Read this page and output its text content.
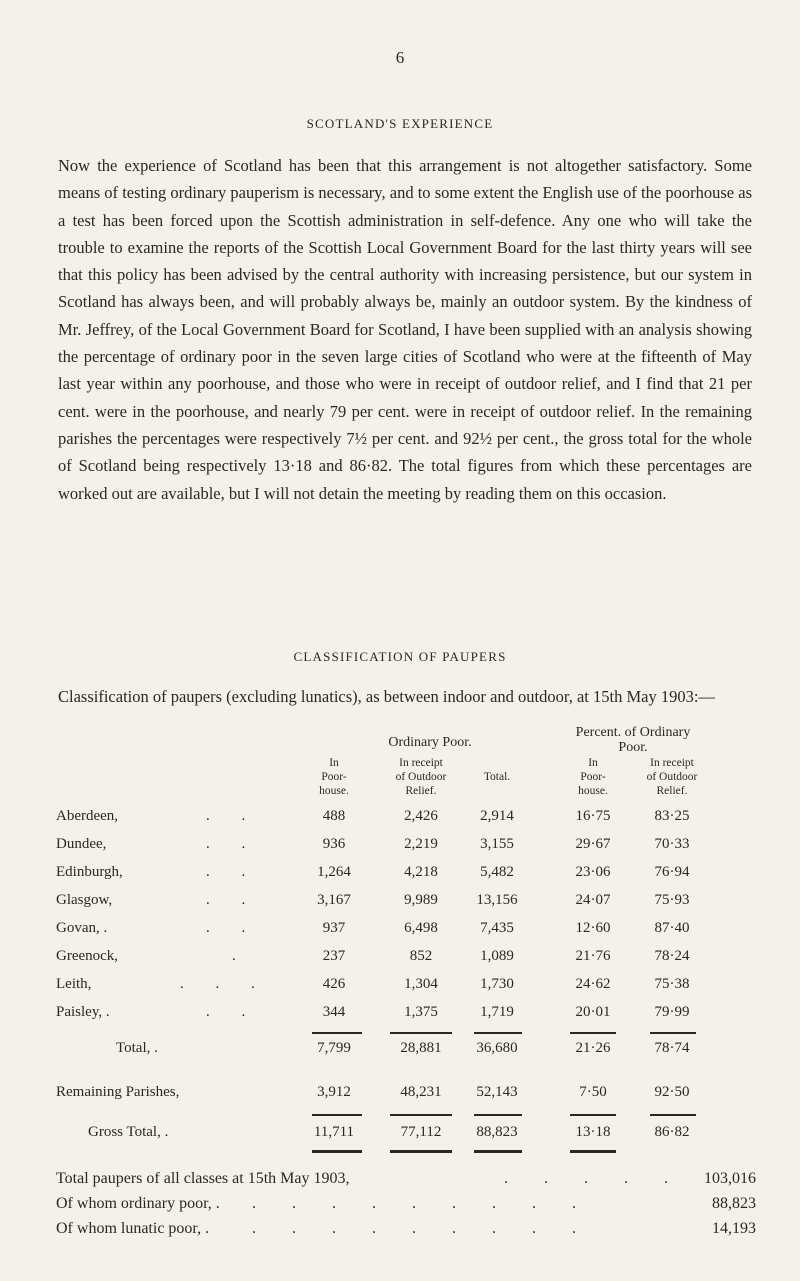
6
SCOTLAND'S EXPERIENCE

Now the experience of Scotland has been that this arrangement is not altogether satisfactory. Some means of testing ordinary pauperism is necessary, and to some extent the English use of the poorhouse as a test has been forced upon the Scottish administration in self-defence. Any one who will take the trouble to examine the reports of the Scottish Local Government Board for the last thirty years will see that this policy has been advised by the central authority with increasing persistence, but our system in Scotland has always been, and will probably always be, mainly an outdoor system. By the kindness of Mr. Jeffrey, of the Local Government Board for Scotland, I have been supplied with an analysis showing the percentage of ordinary poor in the seven large cities of Scotland who were at the fifteenth of May last year within any poorhouse, and those who were in receipt of outdoor relief, and I find that 21 per cent. were in the poorhouse, and nearly 79 per cent. were in receipt of outdoor relief. In the remaining parishes the percentages were respectively 7½ per cent. and 92½ per cent., the gross total for the whole of Scotland being respectively 13·18 and 86·82. The total figures from which these percentages are worked out are available, but I will not detain the meeting by reading them on this occasion.

CLASSIFICATION OF PAUPERS

Classification of paupers (excluding lunatics), as between indoor and outdoor, at 15th May 1903:—

Ordinary Poor.
Percent. of Ordinary
Poor.
In
Poor-
house.
In receipt
of Outdoor
Relief.
Total.
In
Poor-
house.
In receipt
of Outdoor
Relief.
Aberdeen,	. .	488	2,426	2,914	16·75	83·25
Dundee,	. .	936	2,219	3,155	29·67	70·33
Edinburgh,	. .	1,264	4,218	5,482	23·06	76·94
Glasgow,	. .	3,167	9,989	13,156	24·07	75·93
Govan, .	. .	937	6,498	7,435	12·60	87·40
Greenock,	.	237	852	1,089	21·76	78·24
Leith,	. . .	426	1,304	1,730	24·62	75·38
Paisley, .	. .	344	1,375	1,719	20·01	79·99
Total, .	7,799	28,881	36,680	21·26	78·74
Remaining Parishes,	3,912	48,231	52,143	7·50	92·50
Gross Total, .	11,711	77,112	88,823	13·18	86·82
Total paupers of all classes at 15th May 1903,	. . . . . 103,016
Of whom ordinary poor, . . . . . . . . . .	88,823
Of whom lunatic poor, .	. . . . . . . . .	14,193
